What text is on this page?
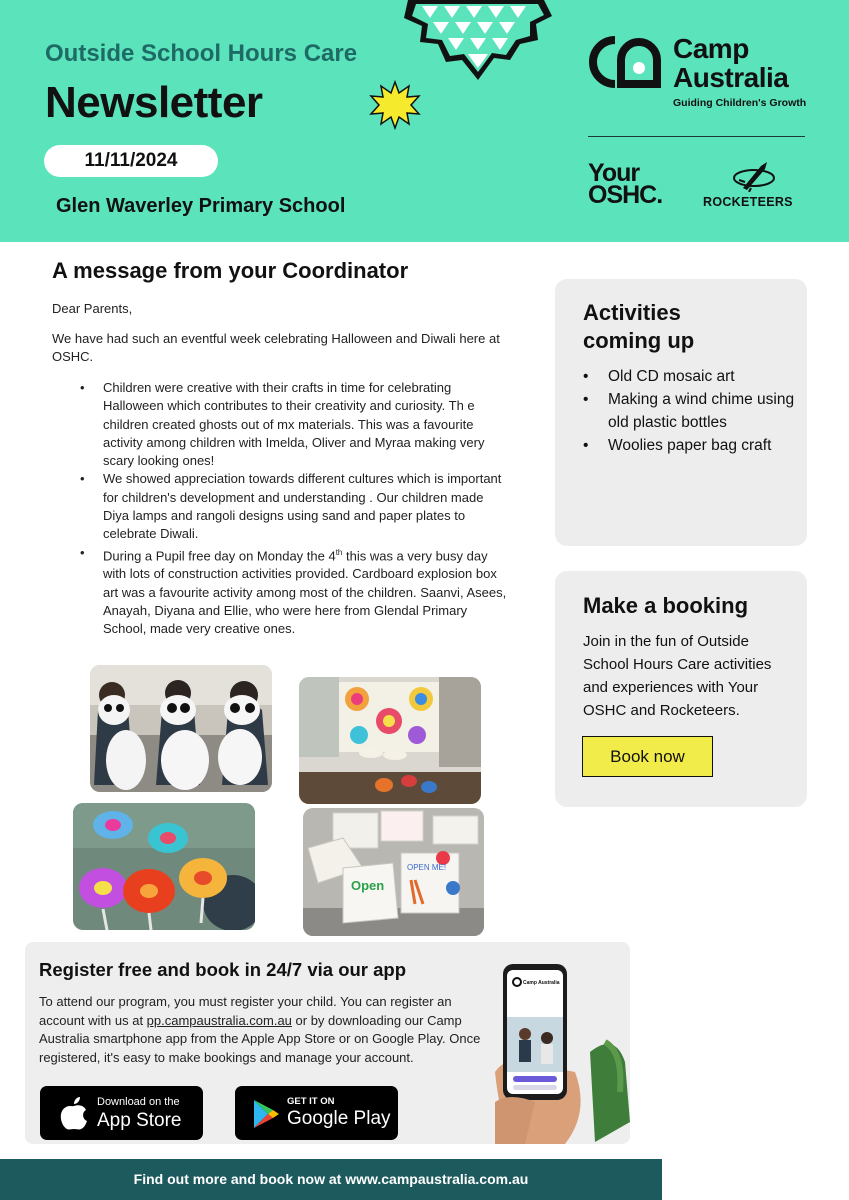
Outside School Hours Care
Newsletter
11/11/2024
Glen Waverley Primary School
Camp
Australia
Guiding Children's Growth
Your
OSHC.	ROCKETEERS
A message from your Coordinator
Dear Parents,
We have had such an eventful week celebrating Halloween and Diwali here at OSHC.
• Children were creative with their crafts in time for celebrating Halloween which contributes to their creativity and curiosity. Th e children created ghosts out of mx materials. This was a favourite activity among children with Imelda, Oliver and Myraa making very scary looking ones!
• We showed appreciation towards different cultures which is important for children's development and understanding . Our children made Diya lamps and rangoli designs using sand and paper plates to celebrate Diwali.
• During a Pupil free day on Monday the 4th this was a very busy day with lots of construction activities provided. Cardboard explosion box art was a favourite activity among most of the children. Saanvi, Asees, Anayah, Diyana and Ellie, who were here from Glendal Primary School, made very creative ones.
Open
OPEN ME!
Activities coming up
• Old CD mosaic art
• Making a wind chime using old plastic bottles
• Woolies paper bag craft
Make a booking
Join in the fun of Outside School Hours Care activities and experiences with Your OSHC and Rocketeers.
Book now
Register free and book in 24/7 via our app
To attend our program, you must register your child. You can register an account with us at pp.campaustralia.com.au or by downloading our Camp Australia smartphone app from the Apple App Store or on Google Play. Once registered, it's easy to make bookings and manage your account.
Download on the
App Store
GET IT ON
Google Play
Camp Australia
Find out more and book now at www.campaustralia.com.au
